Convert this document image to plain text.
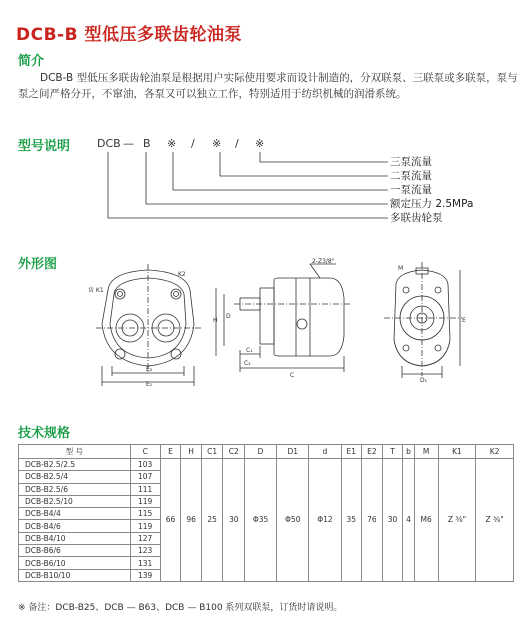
DCB-B 型低压多联齿轮油泵
简介
DCB-B 型低压多联齿轮油泵是根据用户实际使用要求而设计制造的，分双联泵、三联泵或多联泵，泵与泵之间严格分开，不窜油，各泵又可以独立工作，特别适用于纺织机械的润滑系统。
型号说明 DCB — B ※ / ※ / ※
三泵流量
二泵流量
一泵流量
额定压力 2.5MPa
多联齿轮泵
外形图
E₁
E₂
齿 K1
K2
H
D
C₁
C₂
C
2-Z3/8"
E
M
D₁
技术规格
型 号	C	E	H	C1	C2	D	D1	d	E1	E2	T	b	M	K1	K2
DCB-B2.5/2.5	103	66	96	25	30	Φ35	Φ50	Φ12	35	76	30	4	M6	Z ³⁄₈"	Z ³⁄₈"
DCB-B2.5/4	107														
DCB-B2.5/6	111														
DCB-B2.5/10	119														
DCB-B4/4	115														
DCB-B4/6	119														
DCB-B4/10	127														
DCB-B6/6	123														
DCB-B6/10	131														
DCB-B10/10	139														
※ 备注：DCB-B25、DCB — B63、DCB — B100 系列双联泵，订货时请说明。
